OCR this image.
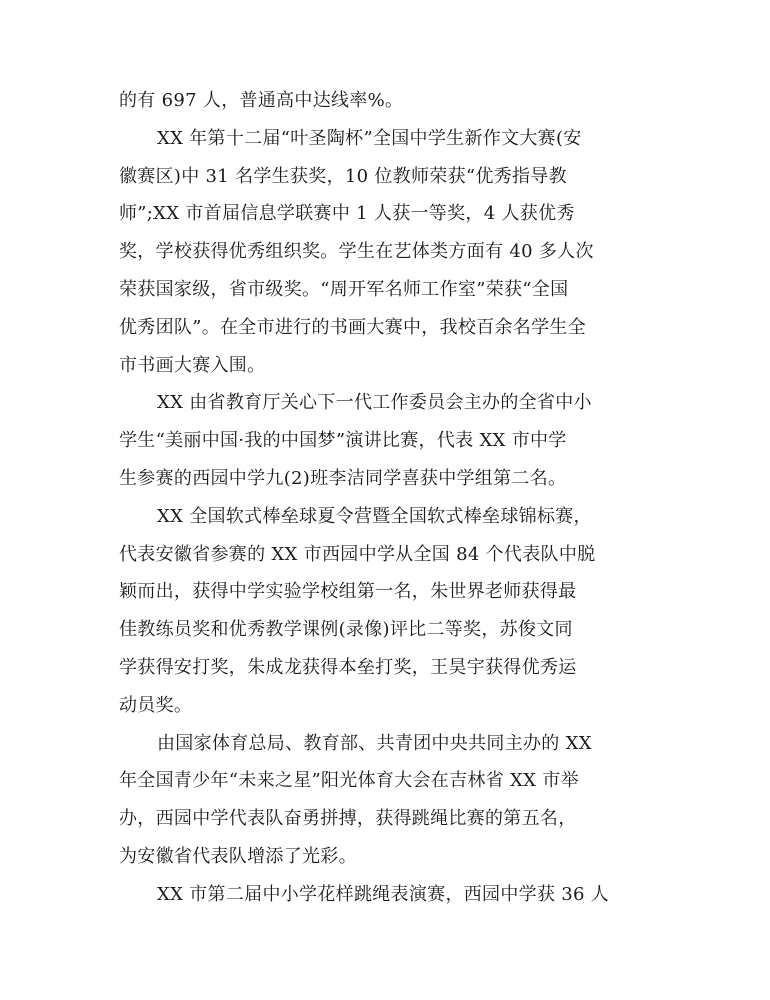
的有 697 人，普通高中达线率%。
XX 年第十二届“叶圣陶杯”全国中学生新作文大赛(安
徽赛区)中 31 名学生获奖，10 位教师荣获“优秀指导教
师”;XX 市首届信息学联赛中 1 人获一等奖，4 人获优秀
奖，学校获得优秀组织奖。学生在艺体类方面有 40 多人次
荣获国家级，省市级奖。“周开军名师工作室”荣获“全国
优秀团队”。在全市进行的书画大赛中，我校百余名学生全
市书画大赛入围。
XX 由省教育厅关心下一代工作委员会主办的全省中小
学生“美丽中国·我的中国梦”演讲比赛，代表 XX 市中学
生参赛的西园中学九(2)班李洁同学喜获中学组第二名。
XX 全国软式棒垒球夏令营暨全国软式棒垒球锦标赛，
代表安徽省参赛的 XX 市西园中学从全国 84 个代表队中脱
颖而出，获得中学实验学校组第一名，朱世界老师获得最
佳教练员奖和优秀教学课例(录像)评比二等奖，苏俊文同
学获得安打奖，朱成龙获得本垒打奖，王昊宇获得优秀运
动员奖。
由国家体育总局、教育部、共青团中央共同主办的 XX
年全国青少年“未来之星”阳光体育大会在吉林省 XX 市举
办，西园中学代表队奋勇拼搏，获得跳绳比赛的第五名，
为安徽省代表队增添了光彩。
XX 市第二届中小学花样跳绳表演赛，西园中学获 36 人
